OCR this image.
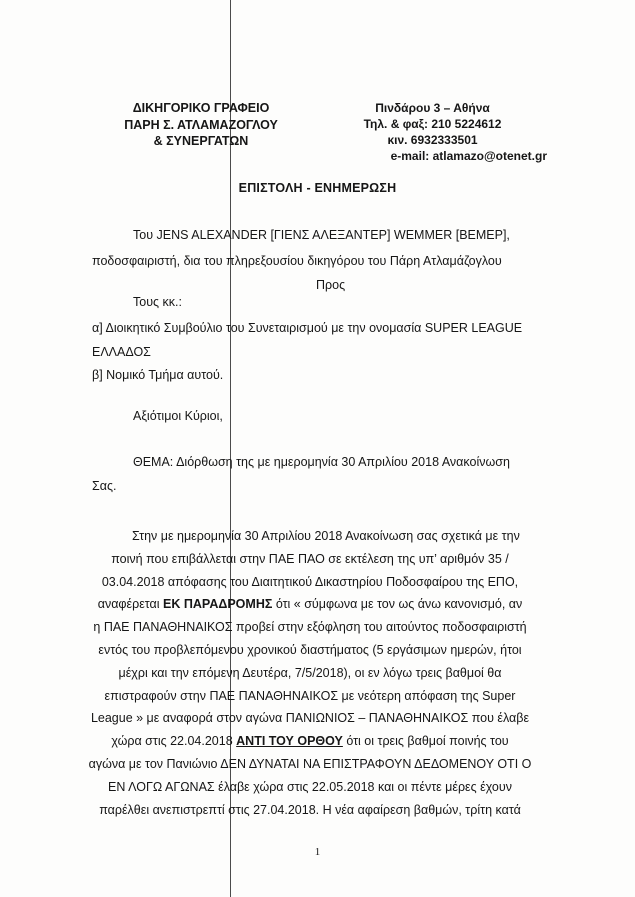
ΔΙΚΗΓΟΡΙΚΟ ΓΡΑΦΕΙΟ
ΠΑΡΗ Σ. ΑΤΛΑΜΑΖΟΓΛΟΥ
& ΣΥΝΕΡΓΑΤΩΝ
Πινδάρου 3 – Αθήνα
Τηλ. & φαξ: 210 5224612
κιν. 6932333501
e-mail: atlamazo@otenet.gr
ΕΠΙΣΤΟΛΗ - ΕΝΗΜΕΡΩΣΗ
Του JENS ALEXANDER [ΓΙΕΝΣ ΑΛΕΞΑΝΤΕΡ] WEMMER [ΒΕΜΕΡ],
ποδοσφαιριστή, δια του πληρεξουσίου δικηγόρου του Πάρη Ατλαμάζογλου
Προς
Τους κκ.:
α] Διοικητικό Συμβούλιο του Συνεταιρισμού με την ονομασία SUPER LEAGUE
ΕΛΛΑΔΟΣ
β] Νομικό Τμήμα αυτού.
Αξιότιμοι Κύριοι,
ΘΕΜΑ: Διόρθωση της με ημερομηνία 30 Απριλίου 2018 Ανακοίνωση
Σας.
Στην με ημερομηνία 30 Απριλίου 2018 Ανακοίνωση σας σχετικά με την
ποινή που επιβάλλεται στην ΠΑΕ ΠΑΟ σε εκτέλεση της υπ’ αριθμόν 35 /
03.04.2018 απόφασης του Διαιτητικού Δικαστηρίου Ποδοσφαίρου της ΕΠΟ,
αναφέρεται ΕΚ ΠΑΡΑΔΡΟΜΗΣ ότι « σύμφωνα με τον ως άνω κανονισμό, αν
η ΠΑΕ ΠΑΝΑΘΗΝΑΙΚΟΣ προβεί στην εξόφληση του αιτούντος ποδοσφαιριστή
εντός του προβλεπόμενου χρονικού διαστήματος (5 εργάσιμων ημερών, ήτοι
μέχρι και την επόμενη Δευτέρα, 7/5/2018), οι εν λόγω τρεις βαθμοί θα
επιστραφούν στην ΠΑΕ ΠΑΝΑΘΗΝΑΙΚΟΣ με νεότερη απόφαση της Super
League » με αναφορά στον αγώνα ΠΑΝΙΩΝΙΟΣ – ΠΑΝΑΘΗΝΑΙΚΟΣ που έλαβε
χώρα στις 22.04.2018 ΑΝΤΙ ΤΟΥ ΟΡΘΟΥ ότι οι τρεις βαθμοί ποινής του
αγώνα με τον Πανιώνιο ΔΕΝ ΔΥΝΑΤΑΙ ΝΑ ΕΠΙΣΤΡΑΦΟΥΝ ΔΕΔΟΜΕΝΟΥ ΟΤΙ Ο
ΕΝ ΛΟΓΩ ΑΓΩΝΑΣ έλαβε χώρα στις 22.05.2018 και οι πέντε μέρες έχουν
παρέλθει ανεπιστρεπτί στις 27.04.2018. Η νέα αφαίρεση βαθμών, τρίτη κατά
1
